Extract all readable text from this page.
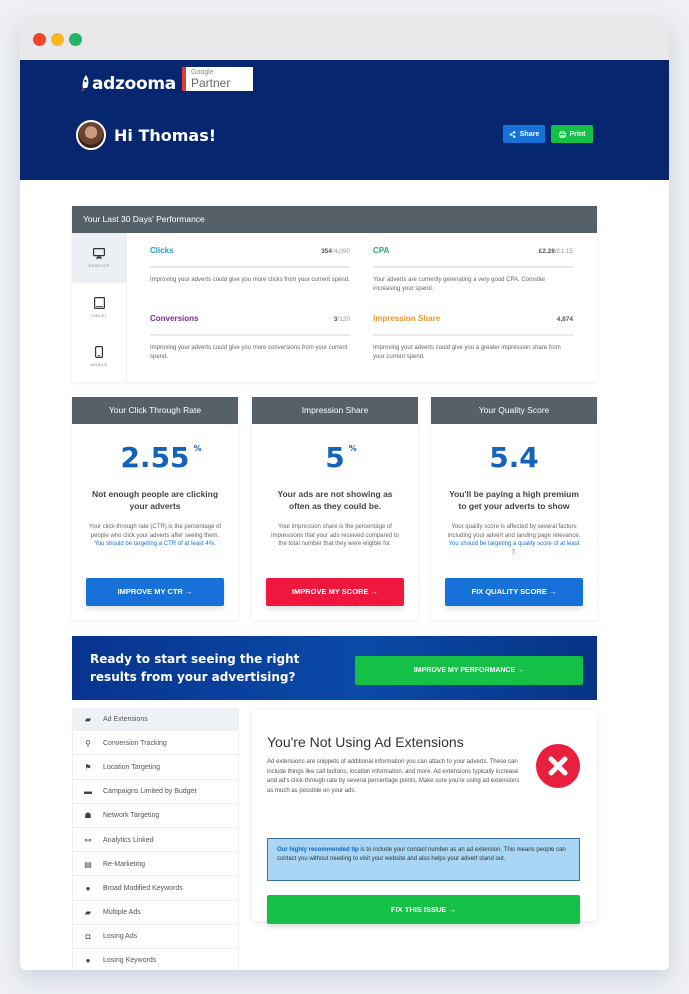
adzooma
Google
Partner
Hi Thomas!	Share	Print
Your Last 30 Days' Performance
DESKTOP
TABLET
MOBILE
Clicks	354/4,090
Improving your adverts could give you more clicks from your current spend.
CPA	£2.28/£1.15
Your adverts are currently generating a very good CPA. Consider increasing your spend.
Conversions	3/120
Improving your adverts could give you more conversions from your current spend.
Impression Share	4,874
Improving your adverts could give you a greater impression share from your current spend.
Your Click Through Rate
2.55 %
Not enough people are clicking your adverts
Your click-through rate (CTR) is the percentage of people who click your adverts after seeing them. You should be targeting a CTR of at least 4%.
IMPROVE MY CTR →
Impression Share
5 %
Your ads are not showing as often as they could be.
Your impression share is the percentage of impressions that your ads received compared to the total number that they were eligible for.
IMPROVE MY SCORE →
Your Quality Score
5.4
You'll be paying a high premium to get your adverts to show
Your quality score is affected by several factors including your advert and landing page relevance. You should be targeting a quality score of at least 7.
FIX QUALITY SCORE →
Ready to start seeing the right
results from your advertising?	IMPROVE MY PERFORMANCE →
▰	Ad Extensions
⚲	Conversion Tracking
⚑	Location Targeting
▬	Campaigns Limited by Budget
☗	Network Targeting
⚯	Analytics Linked
▤	Re-Marketing
●	Broad Modified Keywords
▰	Multiple Ads
◘	Losing Ads
●	Losing Keywords
You're Not Using Ad Extensions
Ad extensions are snippets of additional information you can attach to your adverts. These can include things like call buttons, location information, and more. Ad extensions typically increase and ad's click-through rate by several percentage points. Make sure you're using ad extensions as much as possible on your ads.
Our highly recommended tip is to include your contact number as an ad extension. This means people can contact you without needing to visit your website and also helps your advert stand out.
FIX THIS ISSUE →
